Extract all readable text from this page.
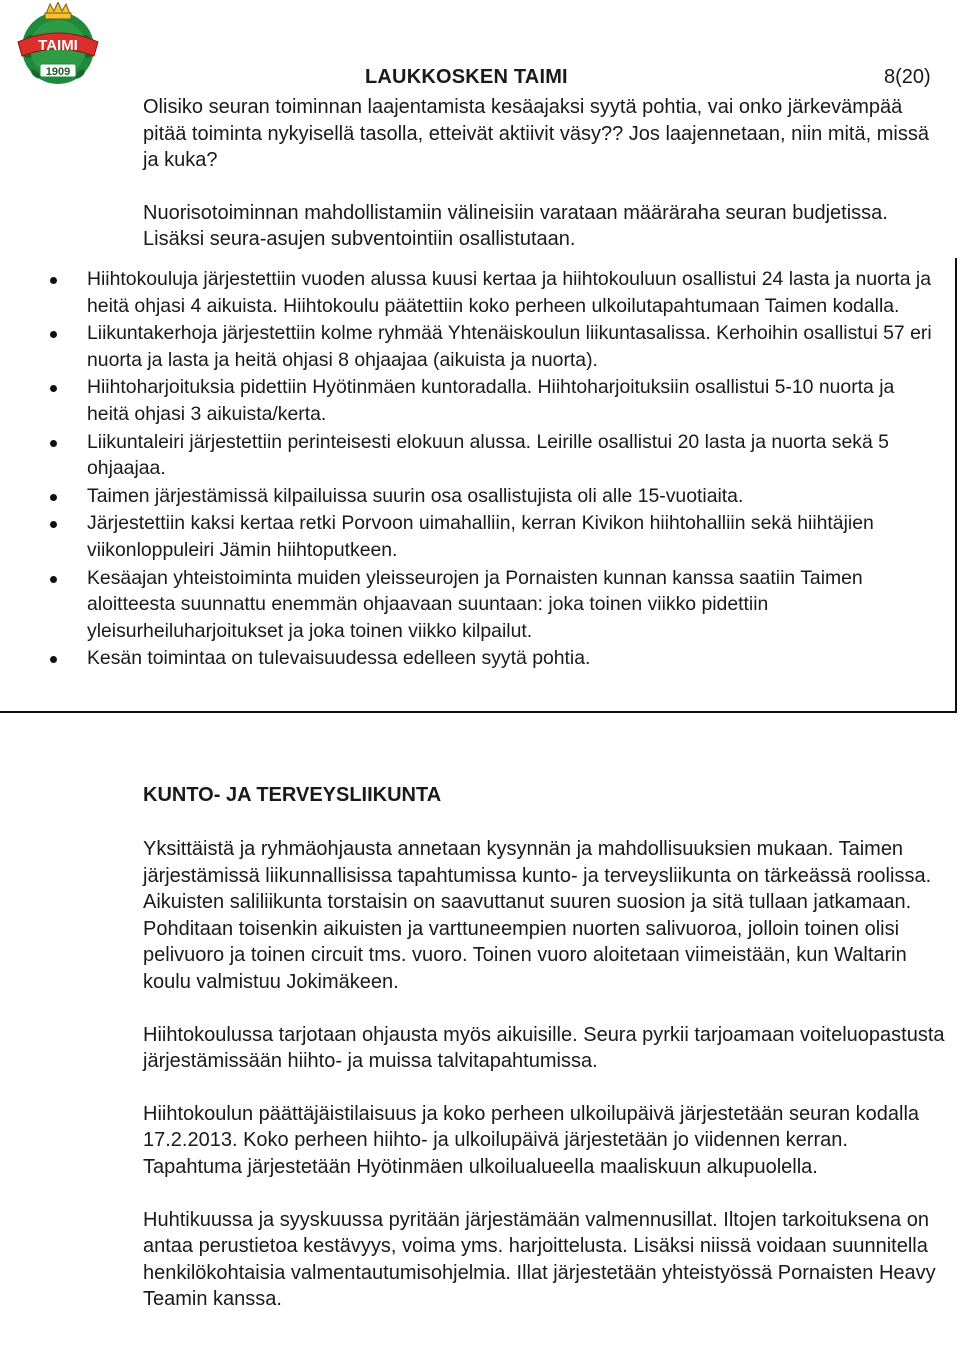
TAIMI
1909	LAUKKOSKEN TAIMI	8(20)

Olisiko seuran toiminnan laajentamista kesäajaksi syytä pohtia, vai onko järkevämpää pitää toiminta nykyisellä tasolla, etteivät aktiivit väsy?? Jos laajennetaan, niin mitä, missä ja kuka?

Nuorisotoiminnan mahdollistamiin välineisiin varataan määräraha seuran budjetissa. Lisäksi seura-asujen subventointiin osallistutaan.

Hiihtokouluja järjestettiin vuoden alussa kuusi kertaa ja hiihtokouluun osallistui 24 lasta ja nuorta ja heitä ohjasi 4 aikuista. Hiihtokoulu päätettiin koko perheen ulkoilutapahtumaan Taimen kodalla.
Liikuntakerhoja järjestettiin kolme ryhmää Yhtenäiskoulun liikuntasalissa. Kerhoihin osallistui 57 eri nuorta ja lasta ja heitä ohjasi 8 ohjaajaa (aikuista ja nuorta).
Hiihtoharjoituksia pidettiin Hyötinmäen kuntoradalla. Hiihtoharjoituksiin osallistui 5-10 nuorta ja heitä ohjasi 3 aikuista/kerta.
Liikuntaleiri järjestettiin perinteisesti elokuun alussa. Leirille osallistui 20 lasta ja nuorta sekä 5 ohjaajaa.
Taimen järjestämissä kilpailuissa suurin osa osallistujista oli alle 15-vuotiaita.
Järjestettiin kaksi kertaa retki Porvoon uimahalliin, kerran Kivikon hiihtohalliin sekä hiihtäjien viikonloppuleiri Jämin hiihtoputkeen.
Kesäajan yhteistoiminta muiden yleisseurojen ja Pornaisten kunnan kanssa saatiin Taimen aloitteesta suunnattu enemmän ohjaavaan suuntaan: joka toinen viikko pidettiin yleisurheiluharjoitukset ja joka toinen viikko kilpailut.
Kesän toimintaa on tulevaisuudessa edelleen syytä pohtia.
KUNTO- JA TERVEYSLIIKUNTA

Yksittäistä ja ryhmäohjausta annetaan kysynnän ja mahdollisuuksien mukaan. Taimen järjestämissä liikunnallisissa tapahtumissa kunto- ja terveysliikunta on tärkeässä roolissa. Aikuisten saliliikunta torstaisin on saavuttanut suuren suosion ja sitä tullaan jatkamaan. Pohditaan toisenkin aikuisten ja varttuneempien nuorten salivuoroa, jolloin toinen olisi pelivuoro ja toinen circuit tms. vuoro. Toinen vuoro aloitetaan viimeistään, kun Waltarin koulu valmistuu Jokimäkeen.

Hiihtokoulussa tarjotaan ohjausta myös aikuisille. Seura pyrkii tarjoamaan voiteluopastusta järjestämissään hiihto- ja muissa talvitapahtumissa.

Hiihtokoulun päättäjäistilaisuus ja koko perheen ulkoilupäivä järjestetään seuran kodalla 17.2.2013. Koko perheen hiihto- ja ulkoilupäivä järjestetään jo viidennen kerran. Tapahtuma järjestetään Hyötinmäen ulkoilualueella maaliskuun alkupuolella.

Huhtikuussa ja syyskuussa pyritään järjestämään valmennusillat. Iltojen tarkoituksena on antaa perustietoa kestävyys, voima yms. harjoittelusta. Lisäksi niissä voidaan suunnitella henkilökohtaisia valmentautumisohjelmia. Illat järjestetään yhteistyössä Pornaisten Heavy Teamin kanssa.
